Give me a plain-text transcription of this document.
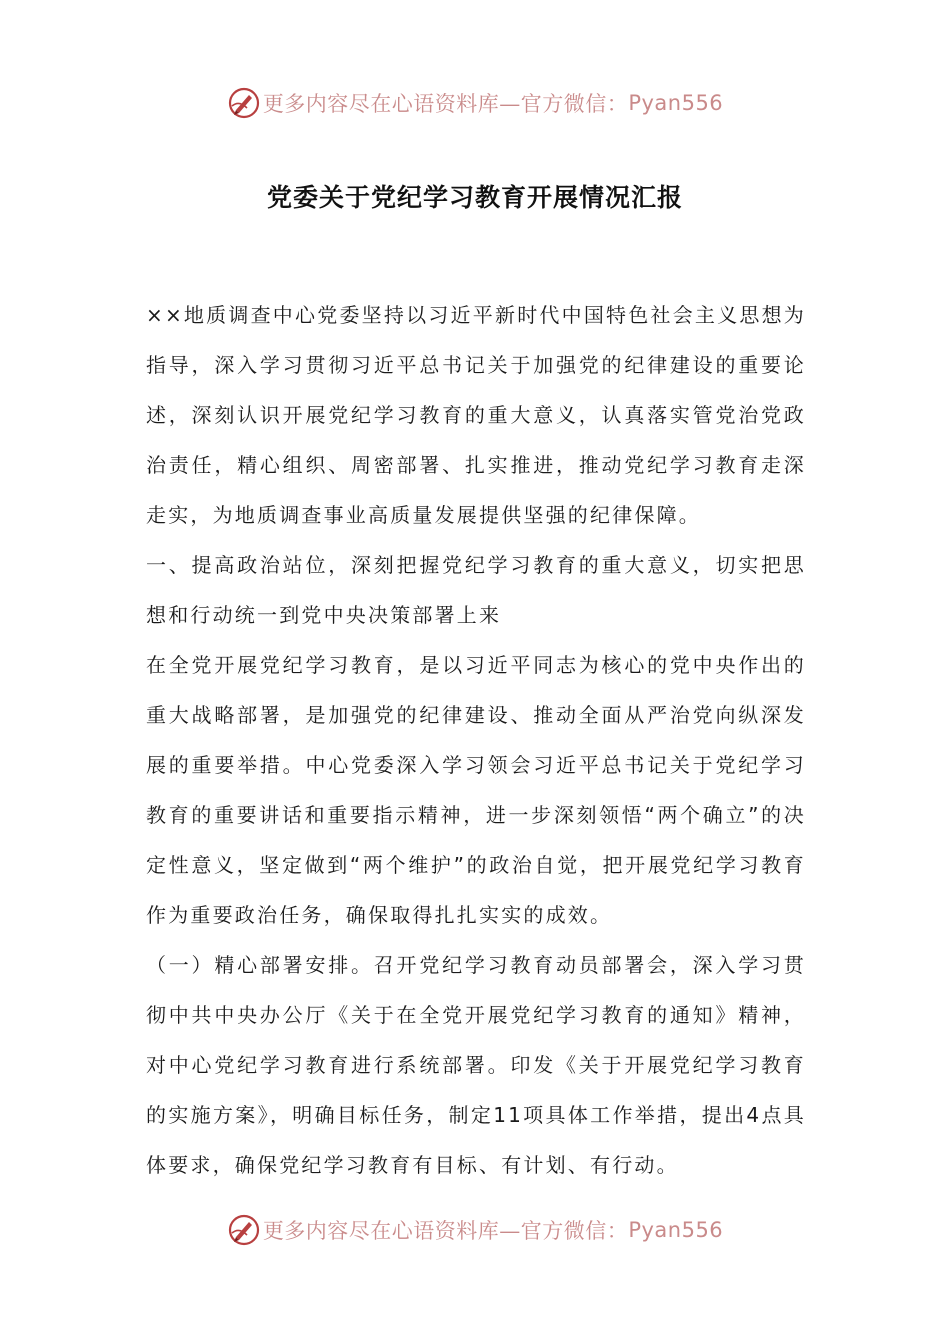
更多内容尽在心语资料库—官方微信： Pyan556
党委关于党纪学习教育开展情况汇报

××地质调查中心党委坚持以习近平新时代中国特色社会主义思想为指导，深入学习贯彻习近平总书记关于加强党的纪律建设的重要论述，深刻认识开展党纪学习教育的重大意义，认真落实管党治党政治责任，精心组织、周密部署、扎实推进，推动党纪学习教育走深走实，为地质调查事业高质量发展提供坚强的纪律保障。

一、提高政治站位，深刻把握党纪学习教育的重大意义，切实把思想和行动统一到党中央决策部署上来

在全党开展党纪学习教育，是以习近平同志为核心的党中央作出的重大战略部署，是加强党的纪律建设、推动全面从严治党向纵深发展的重要举措。中心党委深入学习领会习近平总书记关于党纪学习教育的重要讲话和重要指示精神，进一步深刻领悟“两个确立”的决定性意义，坚定做到“两个维护”的政治自觉，把开展党纪学习教育作为重要政治任务，确保取得扎扎实实的成效。

（一）精心部署安排。召开党纪学习教育动员部署会，深入学习贯彻中共中央办公厅《关于在全党开展党纪学习教育的通知》精神，对中心党纪学习教育进行系统部署。印发《关于开展党纪学习教育的实施方案》，明确目标任务，制定11项具体工作举措，提出4点具体要求，确保党纪学习教育有目标、有计划、有行动。

更多内容尽在心语资料库—官方微信： Pyan556
